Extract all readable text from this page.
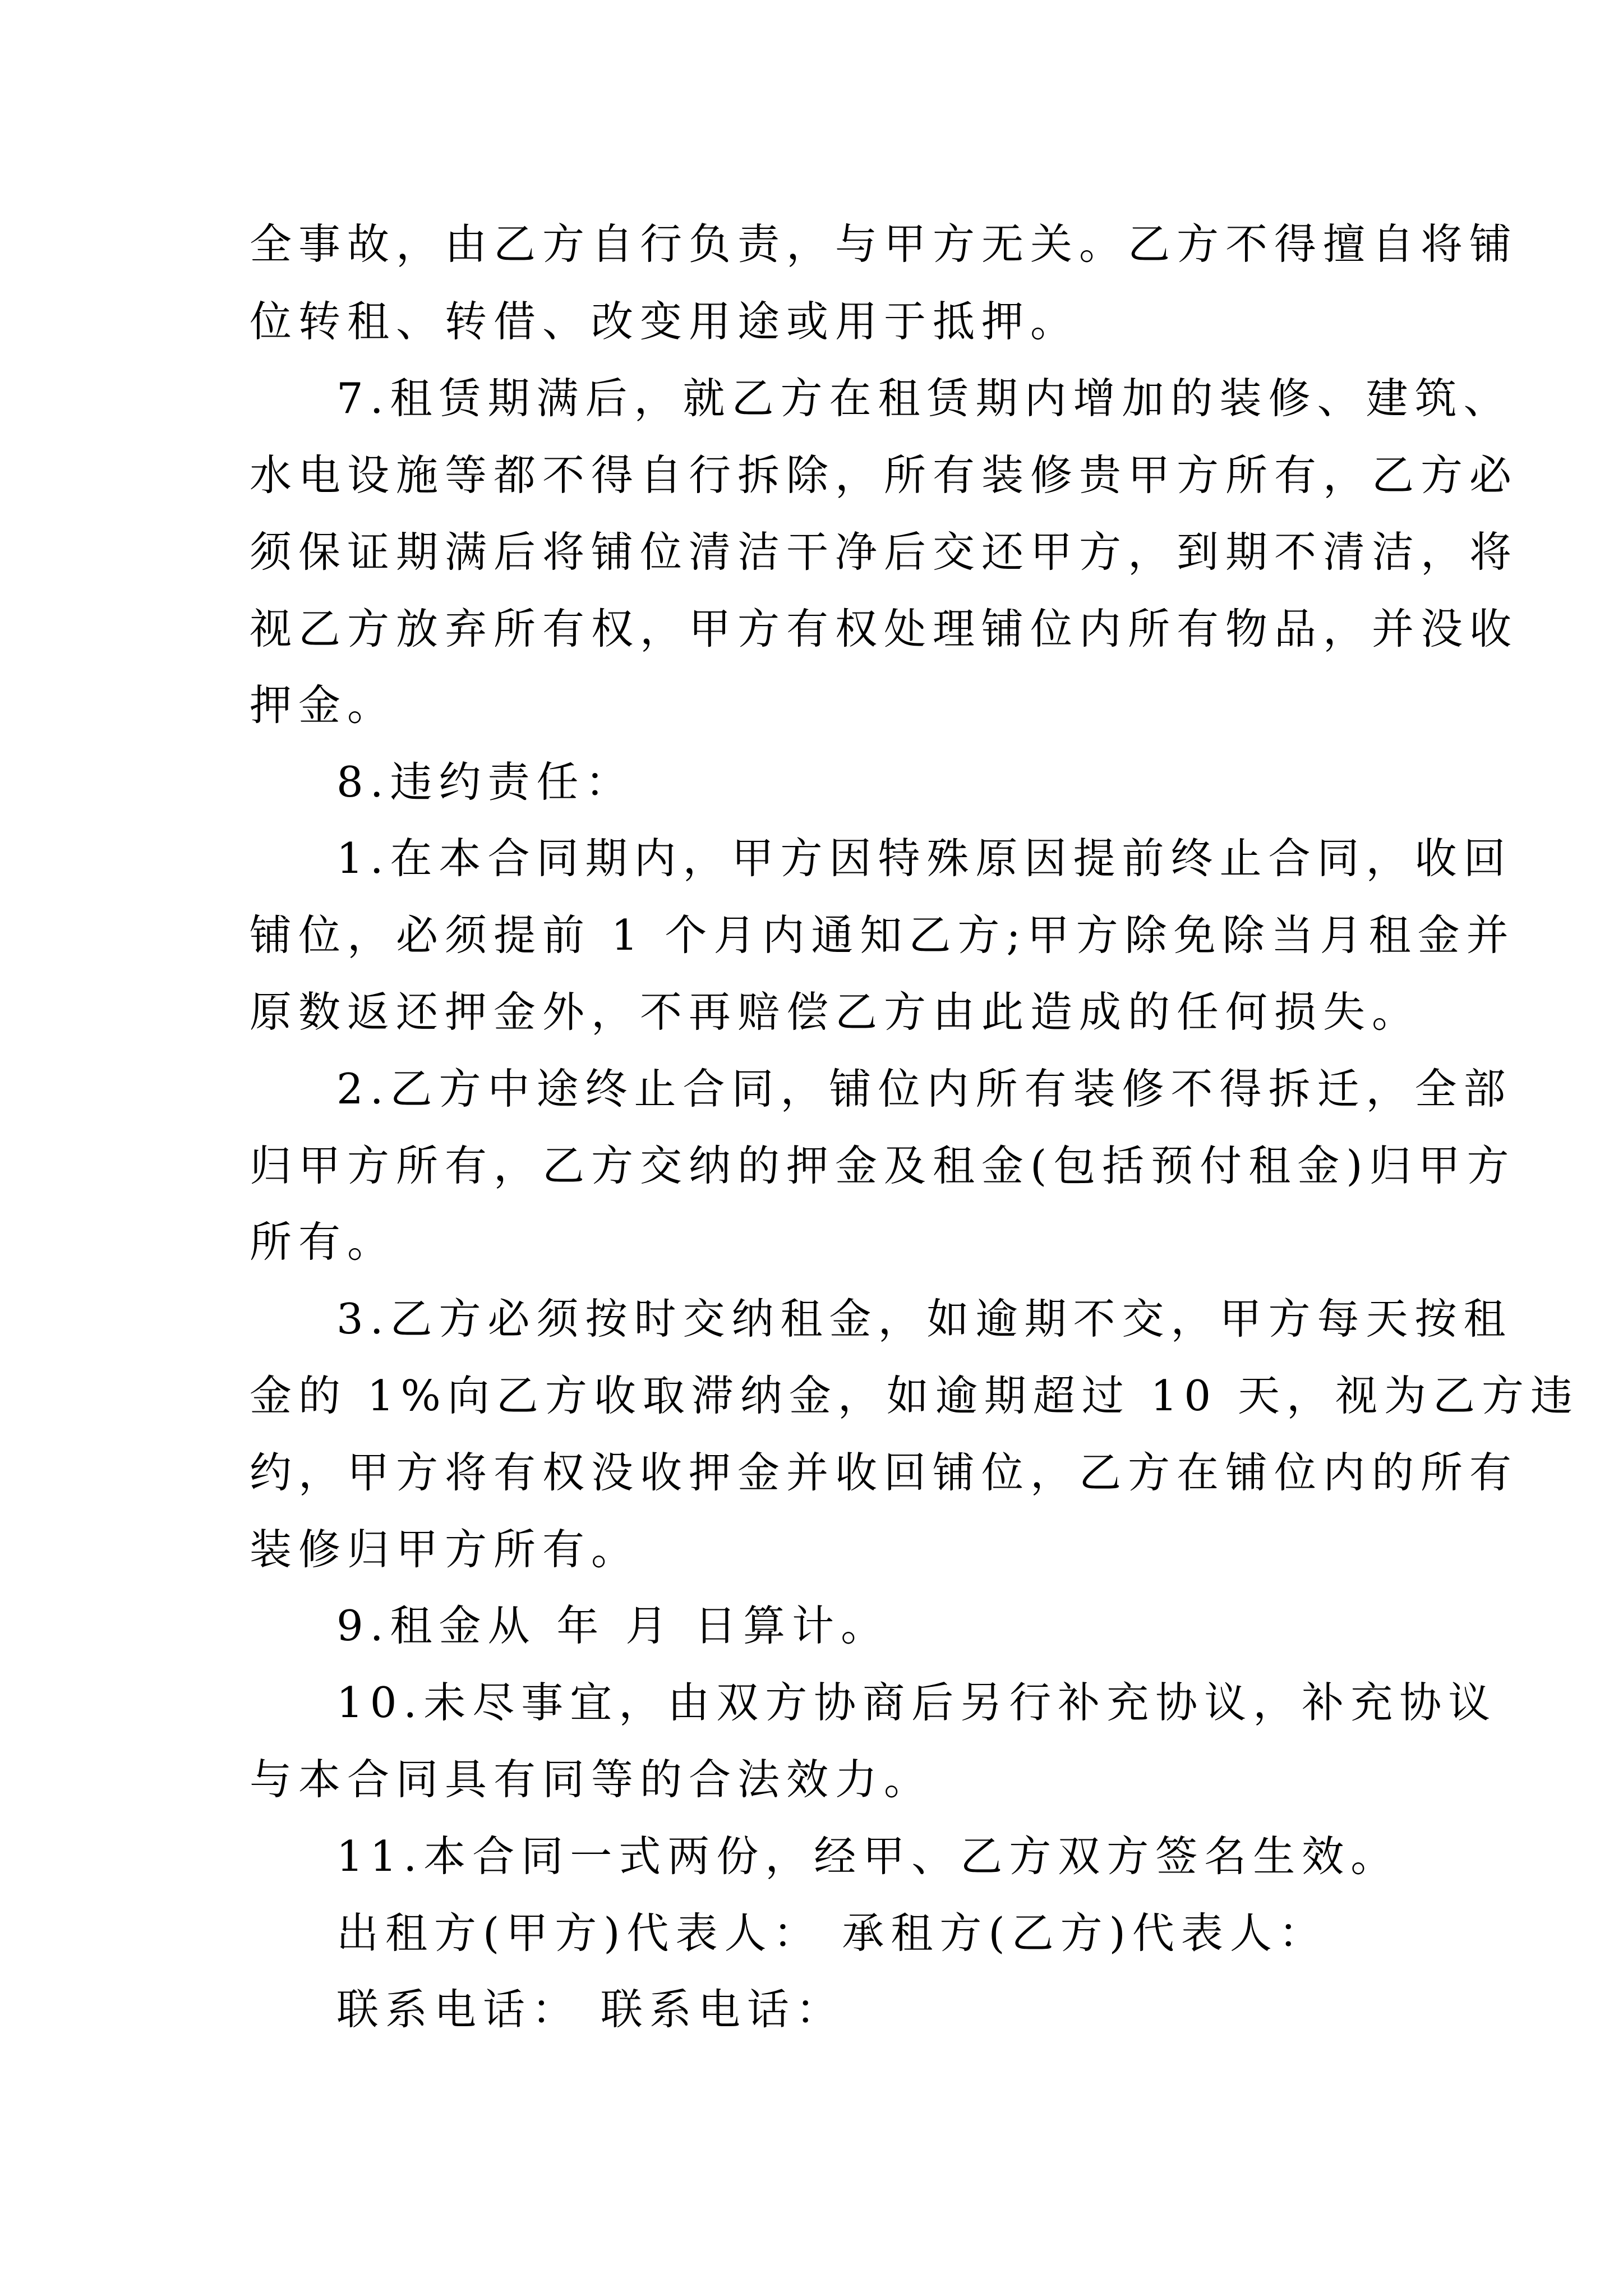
全事故，由乙方自行负责，与甲方无关。乙方不得擅自将铺
位转租、转借、改变用途或用于抵押。
7.租赁期满后，就乙方在租赁期内增加的装修、建筑、
水电设施等都不得自行拆除，所有装修贵甲方所有，乙方必
须保证期满后将铺位清洁干净后交还甲方，到期不清洁，将
视乙方放弃所有权，甲方有权处理铺位内所有物品，并没收
押金。
8.违约责任：
1.在本合同期内，甲方因特殊原因提前终止合同，收回
铺位，必须提前 1 个月内通知乙方;甲方除免除当月租金并
原数返还押金外，不再赔偿乙方由此造成的任何损失。
2.乙方中途终止合同，铺位内所有装修不得拆迁，全部
归甲方所有，乙方交纳的押金及租金(包括预付租金)归甲方
所有。
3.乙方必须按时交纳租金，如逾期不交，甲方每天按租
金的 1%向乙方收取滞纳金，如逾期超过 10 天，视为乙方违
约，甲方将有权没收押金并收回铺位，乙方在铺位内的所有
装修归甲方所有。
9.租金从 年 月 日算计。
10.未尽事宜，由双方协商后另行补充协议，补充协议
与本合同具有同等的合法效力。
11.本合同一式两份，经甲、乙方双方签名生效。
出租方(甲方)代表人： 承租方(乙方)代表人：
联系电话： 联系电话：
